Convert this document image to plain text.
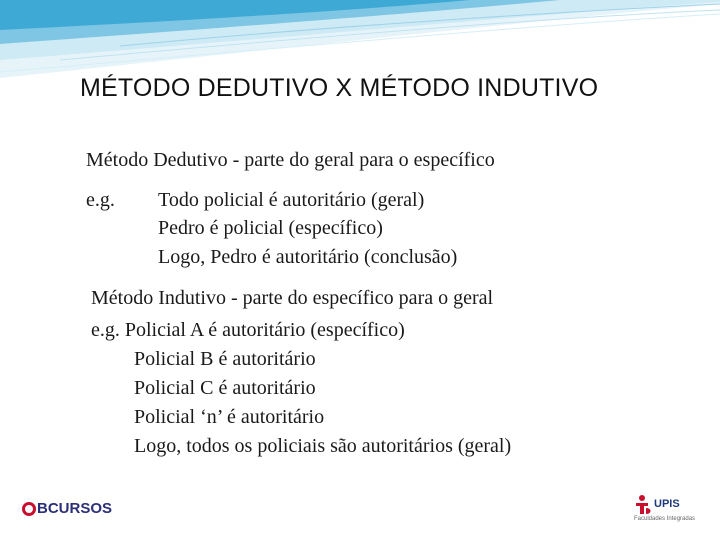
MÉTODO DEDUTIVO X MÉTODO INDUTIVO
Método Dedutivo - parte do geral para o específico
e.g. Todo policial é autoritário (geral)
Pedro é policial (específico)
Logo, Pedro é autoritário (conclusão)
Método Indutivo - parte do específico para o geral
e.g. Policial A é autoritário (específico)
Policial B é autoritário
Policial C é autoritário
Policial ‘n’ é autoritário
Logo, todos os policiais são autoritários (geral)
BCURSOS	UPIS
Faculdades Integradas
